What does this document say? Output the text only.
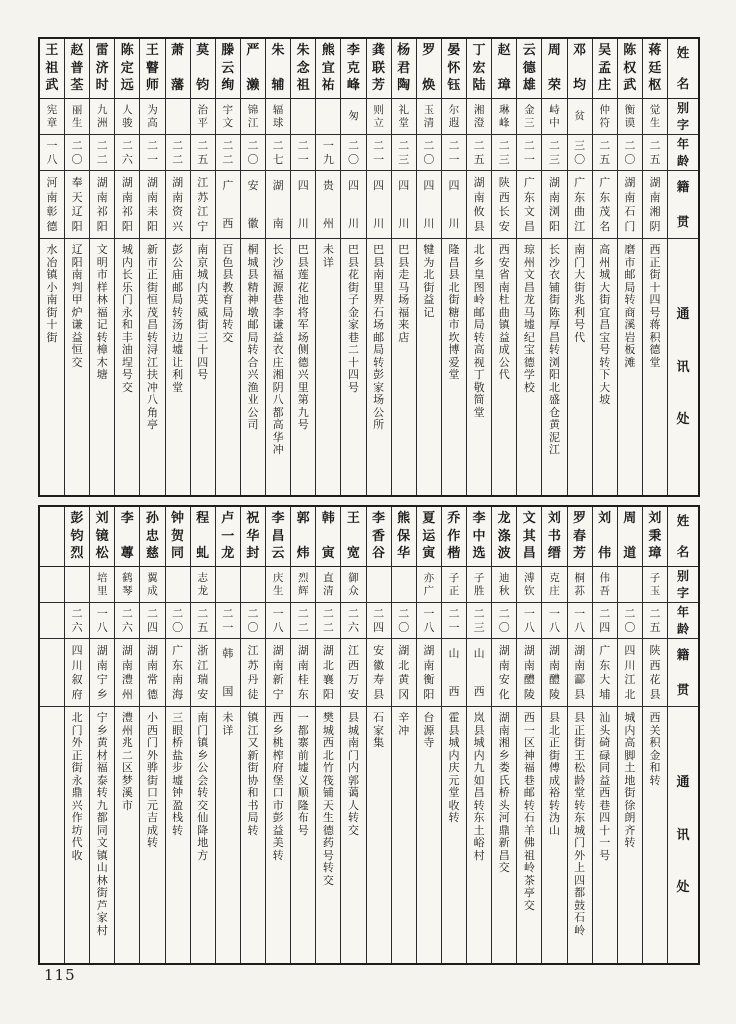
姓
名
别
字
年
龄
籍
贯
通
讯
处
蒋
廷
枢
觉
生
二
五
湖
南
湘
阴
西
正
街
十
四
号
蒋
积
德
堂
陈
权
武
衡
谟
二
〇
湖
南
石
门
磨
市
邮
局
转
商
溪
岩
板
滩
吴
孟
庄
仲
符
二
五
广
东
茂
名
高
州
城
大
街
宜
昌
宝
号
转
下
大
坡
邓
均
贫
三
〇
广
东
曲
江
南
门
大
街
兆
利
号
代
周
荣
峙
中
二
三
湖
南
浏
阳
长
沙
衣
铺
街
陈
厚
昌
转
浏
阳
北
盛
仓
黄
泥
江
云
德
雄
金
三
二
一
广
东
文
昌
琼
州
文
昌
龙
马
墟
纪
宝
德
学
校
赵
璋
琳
峰
二
三
陕
西
长
安
西
安
省
南
杜
曲
镇
益
成
公
代
丁
宏
陆
湘
澄
二
五
湖
南
攸
县
北
乡
皇
图
岭
邮
局
转
高
视
丁
敬
简
堂
晏
怀
钰
尔
遐
二
一
四
川
隆
昌
县
北
街
糖
市
坎
博
爱
堂
罗
焕
玉
清
二
〇
四
川
犍
为
北
街
益
记
杨
君
陶
礼
堂
二
三
四
川
巴
县
走
马
场
福
来
店
龚
联
芳
则
立
二
一
四
川
巴
县
南
里
界
石
场
邮
局
转
彭
家
场
公
所
李
克
峰
匆
二
〇
四
川
巴
县
花
街
子
金
家
巷
二
十
四
号
熊
宜
祐
一
九
贵
州
未
详
朱
念
祖
二
一
四
川
巴
县
莲
花
池
将
军
场
侧
德
兴
里
第
九
号
朱
辅
辐
球
二
七
湖
南
长
沙
福
源
巷
李
谦
益
衣
庄
湘
阴
八
都
高
华
冲
严
濑
锦
江
二
〇
安
徽
桐
城
县
精
神
墩
邮
局
转
合
兴
渔
业
公
司
滕
云
绚
宇
文
二
二
广
西
百
色
县
教
育
局
转
交
莫
钧
治
平
二
五
江
苏
江
宁
南
京
城
内
英
威
街
三
十
四
号
萧
藩
二
二
湖
南
资
兴
彭
公
庙
邮
局
转
汤
边
墟
让
利
堂
王
瞽
师
为
高
二
一
湖
南
耒
阳
新
市
正
街
恒
茂
昌
转
浔
江
扶
冲
八
角
亭
陈
定
远
人
骏
二
六
湖
南
祁
阳
城
内
长
乐
门
永
和
丰
油
埕
号
交
雷
济
时
九
洲
二
二
湖
南
祁
阳
文
明
市
样
林
福
记
转
樟
木
塘
赵
普
荃
丽
生
二
〇
奉
天
辽
阳
辽
阳
南
判
甲
炉
谦
益
恒
交
王
祖
武
宪
章
一
八
河
南
彰
德
水
冶
镇
小
南
街
十
街
姓
名
别
字
年
龄
籍
贯
通
讯
处
刘
秉
璋
子
玉
二
五
陕
西
花
县
西
关
积
金
和
转
周
道
二
〇
四
川
江
北
城
内
高
脚
土
地
街
徐
朗
齐
转
刘
伟
伟
吾
二
四
广
东
大
埔
汕
头
碕
碌
同
益
西
巷
四
十
一
号
罗
春
芳
桐
荪
一
八
湖
南
酃
县
县
正
街
王
松
龄
堂
转
东
城
门
外
上
四
都
鼓
石
岭
刘
书
缙
克
庄
一
八
湖
南
醴
陵
县
北
正
街
傅
成
裕
转
沩
山
文
其
昌
溥
钦
一
八
湖
南
醴
陵
西
一
区
神
福
巷
邮
转
石
羊
佛
祖
岭
茶
亭
交
龙
涤
波
迪
秋
二
〇
湖
南
安
化
湖
南
湘
乡
娄
氏
桥
头
河
鼎
新
昌
交
李
中
选
子
胜
二
三
山
西
岚
县
城
内
九
如
昌
转
东
土
峪
村
乔
作
楷
子
正
二
一
山
西
霍
县
城
内
庆
元
堂
收
转
夏
运
寅
亦
广
一
八
湖
南
衡
阳
台
源
寺
熊
保
华
二
〇
湖
北
黄
冈
辛
冲
李
香
谷
二
四
安
徽
寿
县
石
家
集
王
宽
御
众
二
六
江
西
万
安
县
城
南
门
内
郭
蔼
人
转
交
韩
寅
直
清
二
二
湖
北
襄
阳
樊
城
西
北
竹
筏
铺
天
生
德
药
号
转
交
郭
炜
烈
辉
二
二
湖
南
桂
东
一
都
寨
前
墟
义
顺
隆
布
号
李
昌
云
庆
生
一
八
湖
南
新
宁
西
乡
桃
榨
府
堡
口
市
彭
益
美
转
祝
华
封
二
〇
江
苏
丹
徒
镇
江
又
新
街
协
和
书
局
转
卢
一
龙
二
一
韩
国
未
详
程
虬
志
龙
二
五
浙
江
瑞
安
南
门
镇
乡
公
会
转
交
仙
降
地
方
钟
贺
同
二
〇
广
东
南
海
三
眼
桥
盐
步
墟
钟
盈
栈
转
孙
忠
慈
翼
成
二
四
湖
南
常
德
小
西
门
外
骅
街
口
元
吉
成
转
李
蓴
鹤
琴
二
六
湖
南
澧
州
澧
州
兆
二
区
梦
溪
市
刘
镜
松
培
里
一
八
湖
南
宁
乡
宁
乡
黄
材
福
泰
转
九
都
同
文
镇
山
林
街
芦
家
村
彭
钧
烈
二
六
四
川
叙
府
北
门
外
正
街
永
鼎
兴
作
坊
代
收
115
